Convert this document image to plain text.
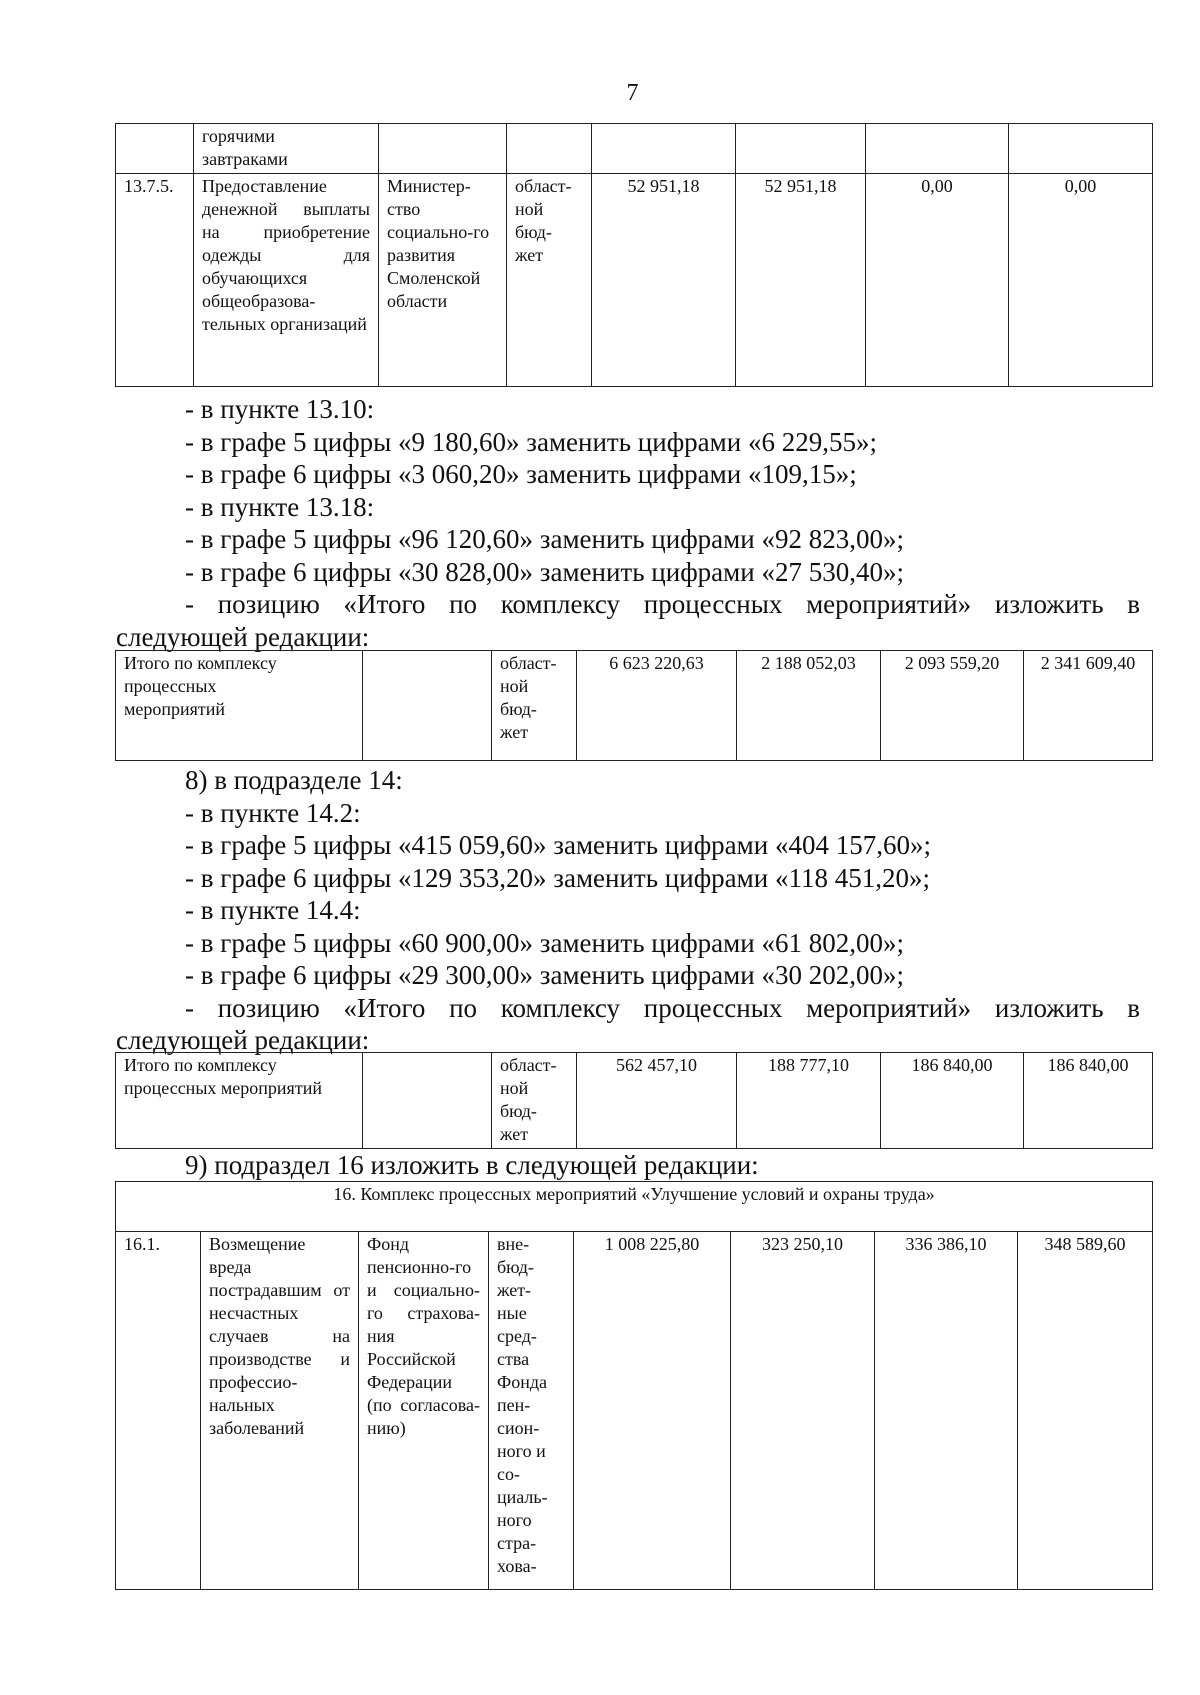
7
	горячими
завтраками						
13.7.5.	Предоставление денежной выплаты на приобретение одежды для обучающихся общеобразова-тельных организаций	Министер-ство социально-го развития Смоленской области	област-
ной
бюд-
жет	52 951,18	52 951,18	0,00	0,00
- в пункте 13.10:
- в графе 5 цифры «9 180,60» заменить цифрами «6 229,55»;
- в графе 6 цифры «3 060,20» заменить цифрами «109,15»;
- в пункте 13.18:
- в графе 5 цифры «96 120,60» заменить цифрами «92 823,00»;
- в графе 6 цифры «30 828,00» заменить цифрами «27 530,40»;
- позицию «Итого по комплексу процессных мероприятий» изложить в
следующей редакции:
Итого по комплексу
процессных
мероприятий		област-
ной
бюд-
жет	6 623 220,63	2 188 052,03	2 093 559,20	2 341 609,40
8) в подразделе 14:
- в пункте 14.2:
- в графе 5 цифры «415 059,60» заменить цифрами «404 157,60»;
- в графе 6 цифры «129 353,20» заменить цифрами «118 451,20»;
- в пункте 14.4:
- в графе 5 цифры «60 900,00» заменить цифрами «61 802,00»;
- в графе 6 цифры «29 300,00» заменить цифрами «30 202,00»;
- позицию «Итого по комплексу процессных мероприятий» изложить в
следующей редакции:
Итого по комплексу
процессных мероприятий		област-
ной
бюд-
жет	562 457,10	188 777,10	186 840,00	186 840,00
9) подраздел 16 изложить в следующей редакции:
16. Комплекс процессных мероприятий «Улучшение условий и охраны труда»
16.1.	Возмещение вреда пострадавшим от несчастных случаев на производстве и профессио-нальных заболеваний	Фонд пенсионно-го и социально-го страхова-ния Российской Федерации (по согласова-нию)	вне-
бюд-
жет-
ные
сред-
ства
Фонда
пен-
сион-
ного и
со-
циаль-
ного
стра-
хова-	1 008 225,80	323 250,10	336 386,10	348 589,60
